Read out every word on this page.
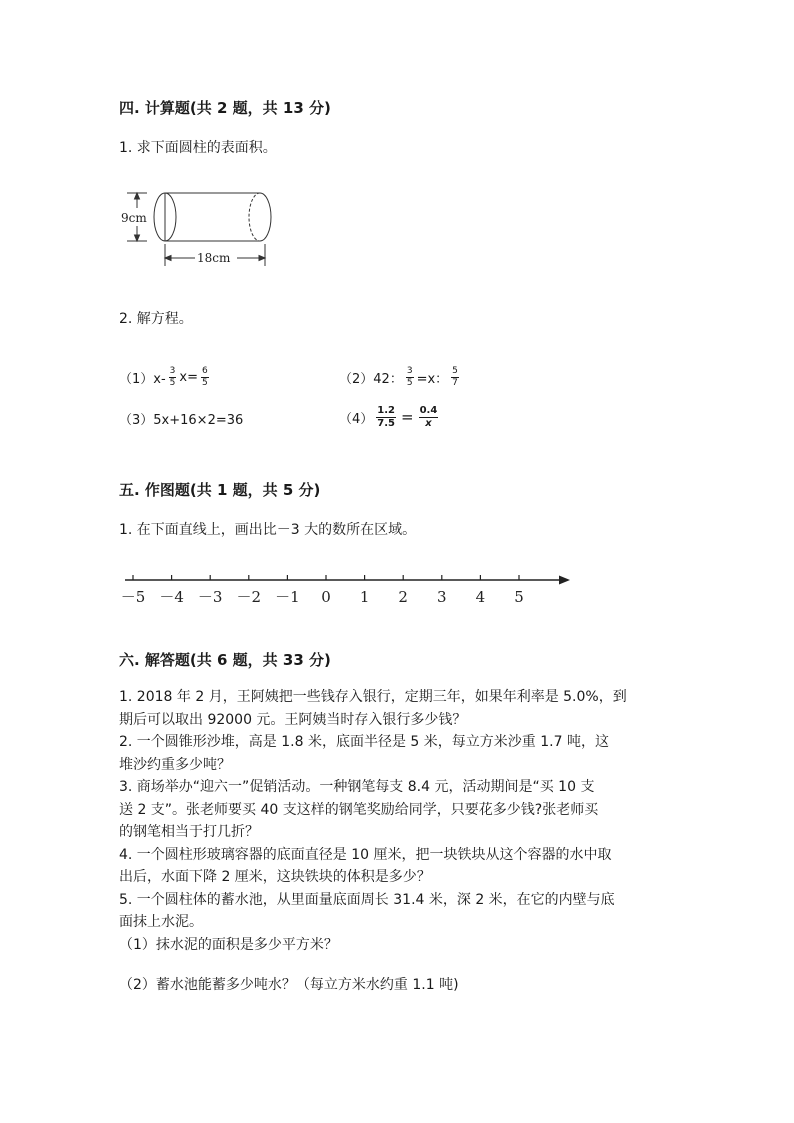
四. 计算题(共 2 题，共 13 分)
1. 求下面圆柱的表面积。
9cm
18cm
2. 解方程。
$(1)x- \frac{3}{5} x= \frac{6}{5}$	（2）42： $\frac{3}{5} =x$： $\frac{5}{7}$
（3）5x+16×2=36	$(4) \frac{1.2}{7.5} = \frac{0.4}{x}$
五. 作图题(共 1 题，共 5 分)
1. 在下面直线上，画出比－3 大的数所在区域。
－5 －4 －3 －2 －1 0 1 2 3 4 5
六. 解答题(共 6 题，共 33 分)

1. 2018 年 2 月，王阿姨把一些钱存入银行，定期三年，如果年利率是 5.0%，到

期后可以取出 92000 元。王阿姨当时存入银行多少钱？

2. 一个圆锥形沙堆，高是 1.8 米，底面半径是 5 米，每立方米沙重 1.7 吨，这

堆沙约重多少吨？

3. 商场举办“迎六一”促销活动。一种钢笔每支 8.4 元，活动期间是“买 10 支

送 2 支”。张老师要买 40 支这样的钢笔奖励给同学，只要花多少钱?张老师买

的钢笔相当于打几折？

4. 一个圆柱形玻璃容器的底面直径是 10 厘米，把一块铁块从这个容器的水中取

出后，水面下降 2 厘米，这块铁块的体积是多少？

5. 一个圆柱体的蓄水池，从里面量底面周长 31.4 米，深 2 米，在它的内壁与底

面抹上水泥。

（1）抹水泥的面积是多少平方米？
（2）蓄水池能蓄多少吨水？（每立方米水约重 1.1 吨)
